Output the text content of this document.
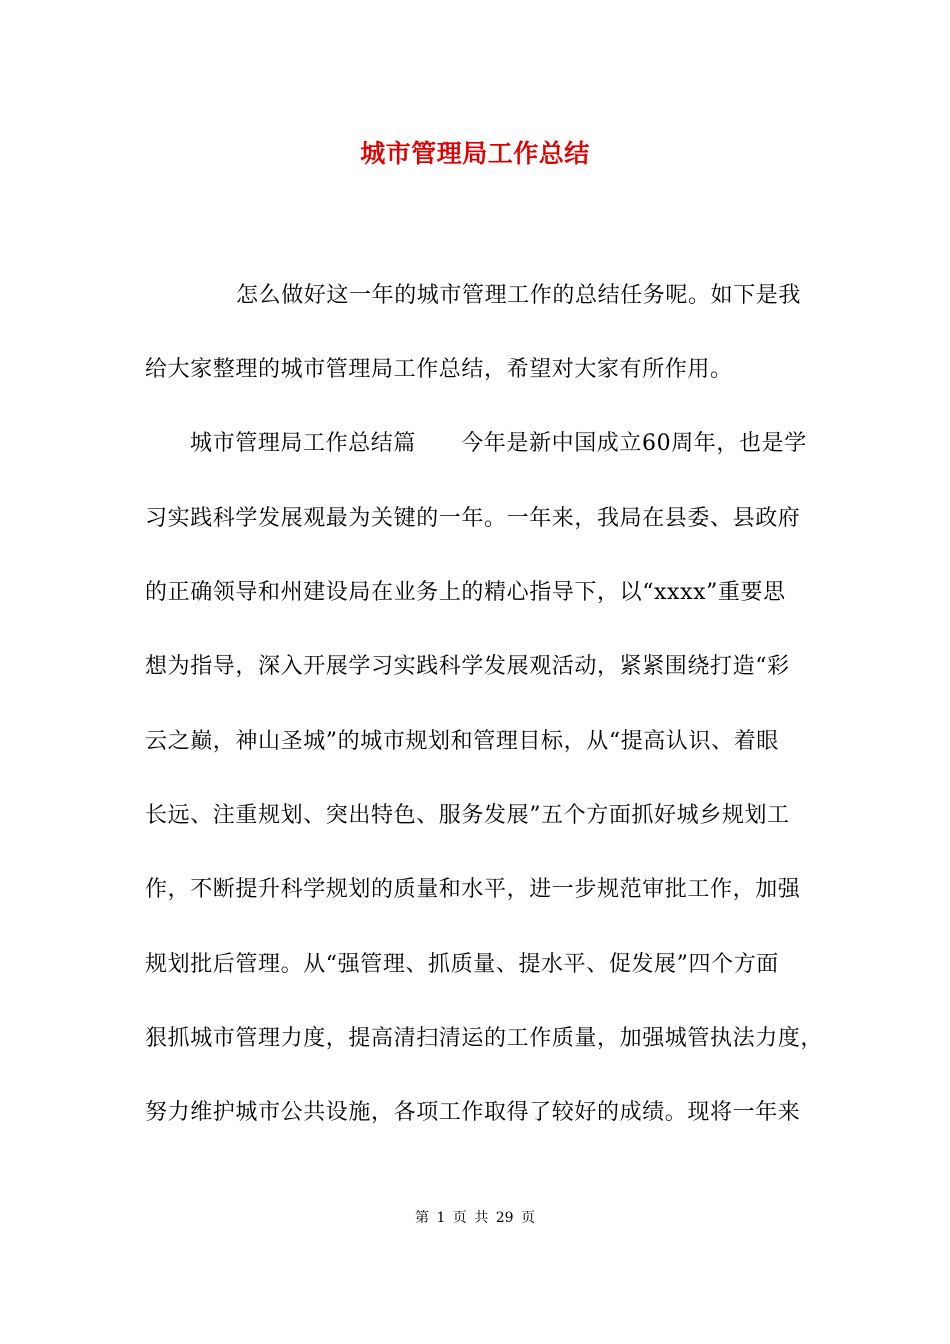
城市管理局工作总结
怎么做好这一年的城市管理工作的总结任务呢。如下是我
给大家整理的城市管理局工作总结，希望对大家有所作用。
城市管理局工作总结篇　　今年是新中国成立60周年，也是学
习实践科学发展观最为关键的一年。一年来，我局在县委、县政府
的正确领导和州建设局在业务上的精心指导下，以“xxxx”重要思
想为指导，深入开展学习实践科学发展观活动，紧紧围绕打造“彩
云之巅，神山圣城”的城市规划和管理目标，从“提高认识、着眼
长远、注重规划、突出特色、服务发展”五个方面抓好城乡规划工
作，不断提升科学规划的质量和水平，进一步规范审批工作，加强
规划批后管理。从“强管理、抓质量、提水平、促发展”四个方面
狠抓城市管理力度，提高清扫清运的工作质量，加强城管执法力度，
努力维护城市公共设施，各项工作取得了较好的成绩。现将一年来
第 1 页 共 29 页
